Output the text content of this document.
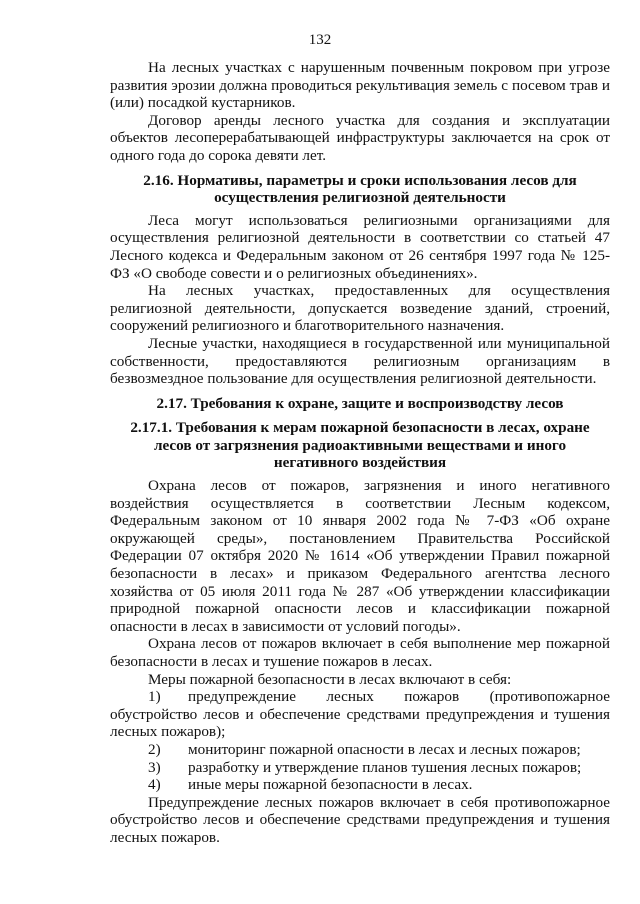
132

На лесных участках с нарушенным почвенным покровом при угрозе развития эрозии должна проводиться рекультивация земель с посевом трав и (или) посадкой кустарников.

Договор аренды лесного участка для создания и эксплуатации объектов лесоперерабатывающей инфраструктуры заключается на срок от одного года до сорока девяти лет.

2.16. Нормативы, параметры и сроки использования лесов для осуществления религиозной деятельности

Леса могут использоваться религиозными организациями для осуществления религиозной деятельности в соответствии со статьей 47 Лесного кодекса и Федеральным законом от 26 сентября 1997 года № 125-ФЗ «О свободе совести и о религиозных объединениях».

На лесных участках, предоставленных для осуществления религиозной деятельности, допускается возведение зданий, строений, сооружений религиозного и благотворительного назначения.

Лесные участки, находящиеся в государственной или муниципальной собственности, предоставляются религиозным организациям в безвозмездное пользование для осуществления религиозной деятельности.

2.17. Требования к охране, защите и воспроизводству лесов

2.17.1. Требования к мерам пожарной безопасности в лесах, охране лесов от загрязнения радиоактивными веществами и иного негативного воздействия

Охрана лесов от пожаров, загрязнения и иного негативного воздействия осуществляется в соответствии Лесным кодексом, Федеральным законом от 10 января 2002 года № 7-ФЗ «Об охране окружающей среды», постановлением Правительства Российской Федерации 07 октября 2020 № 1614 «Об утверждении Правил пожарной безопасности в лесах» и приказом Федерального агентства лесного хозяйства от 05 июля 2011 года № 287 «Об утверждении классификации природной пожарной опасности лесов и классификации пожарной опасности в лесах в зависимости от условий погоды».

Охрана лесов от пожаров включает в себя выполнение мер пожарной безопасности в лесах и тушение пожаров в лесах.

Меры пожарной безопасности в лесах включают в себя:

1) предупреждение лесных пожаров (противопожарное обустройство лесов и обеспечение средствами предупреждения и тушения лесных пожаров);

2) мониторинг пожарной опасности в лесах и лесных пожаров;

3) разработку и утверждение планов тушения лесных пожаров;

4) иные меры пожарной безопасности в лесах.

Предупреждение лесных пожаров включает в себя противопожарное обустройство лесов и обеспечение средствами предупреждения и тушения лесных пожаров.
